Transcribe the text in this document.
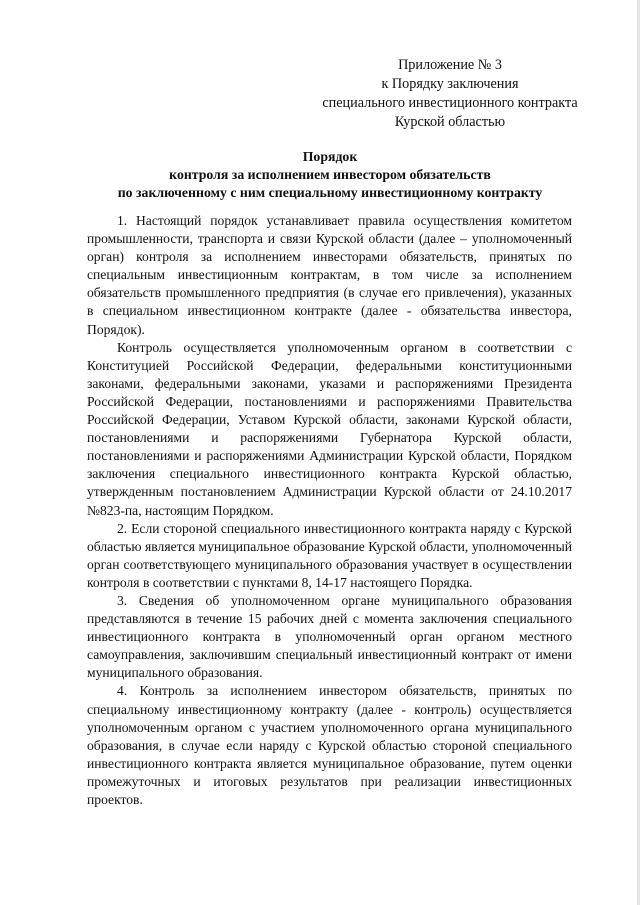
Приложение № 3
к Порядку заключения
специального инвестиционного контракта
Курской областью
Порядок
контроля за исполнением инвестором обязательств
по заключенному с ним специальному инвестиционному контракту

1. Настоящий порядок устанавливает правила осуществления комитетом промышленности, транспорта и связи Курской области (далее – уполномоченный орган) контроля за исполнением инвесторами обязательств, принятых по специальным инвестиционным контрактам, в том числе за исполнением обязательств промышленного предприятия (в случае его привлечения), указанных в специальном инвестиционном контракте (далее - обязательства инвестора, Порядок).

Контроль осуществляется уполномоченным органом в соответствии с Конституцией Российской Федерации, федеральными конституционными законами, федеральными законами, указами и распоряжениями Президента Российской Федерации, постановлениями и распоряжениями Правительства Российской Федерации, Уставом Курской области, законами Курской области, постановлениями и распоряжениями Губернатора Курской области, постановлениями и распоряжениями Администрации Курской области, Порядком заключения специального инвестиционного контракта Курской областью, утвержденным постановлением Администрации Курской области от 24.10.2017 №823-па, настоящим Порядком.

2. Если стороной специального инвестиционного контракта наряду с Курской областью является муниципальное образование Курской области, уполномоченный орган соответствующего муниципального образования участвует в осуществлении контроля в соответствии с пунктами 8, 14-17 настоящего Порядка.

3. Сведения об уполномоченном органе муниципального образования представляются в течение 15 рабочих дней с момента заключения специального инвестиционного контракта в уполномоченный орган органом местного самоуправления, заключившим специальный инвестиционный контракт от имени муниципального образования.

4. Контроль за исполнением инвестором обязательств, принятых по специальному инвестиционному контракту (далее - контроль) осуществляется уполномоченным органом с участием уполномоченного органа муниципального образования, в случае если наряду с Курской областью стороной специального инвестиционного контракта является муниципальное образование, путем оценки промежуточных и итоговых результатов при реализации инвестиционных проектов.
